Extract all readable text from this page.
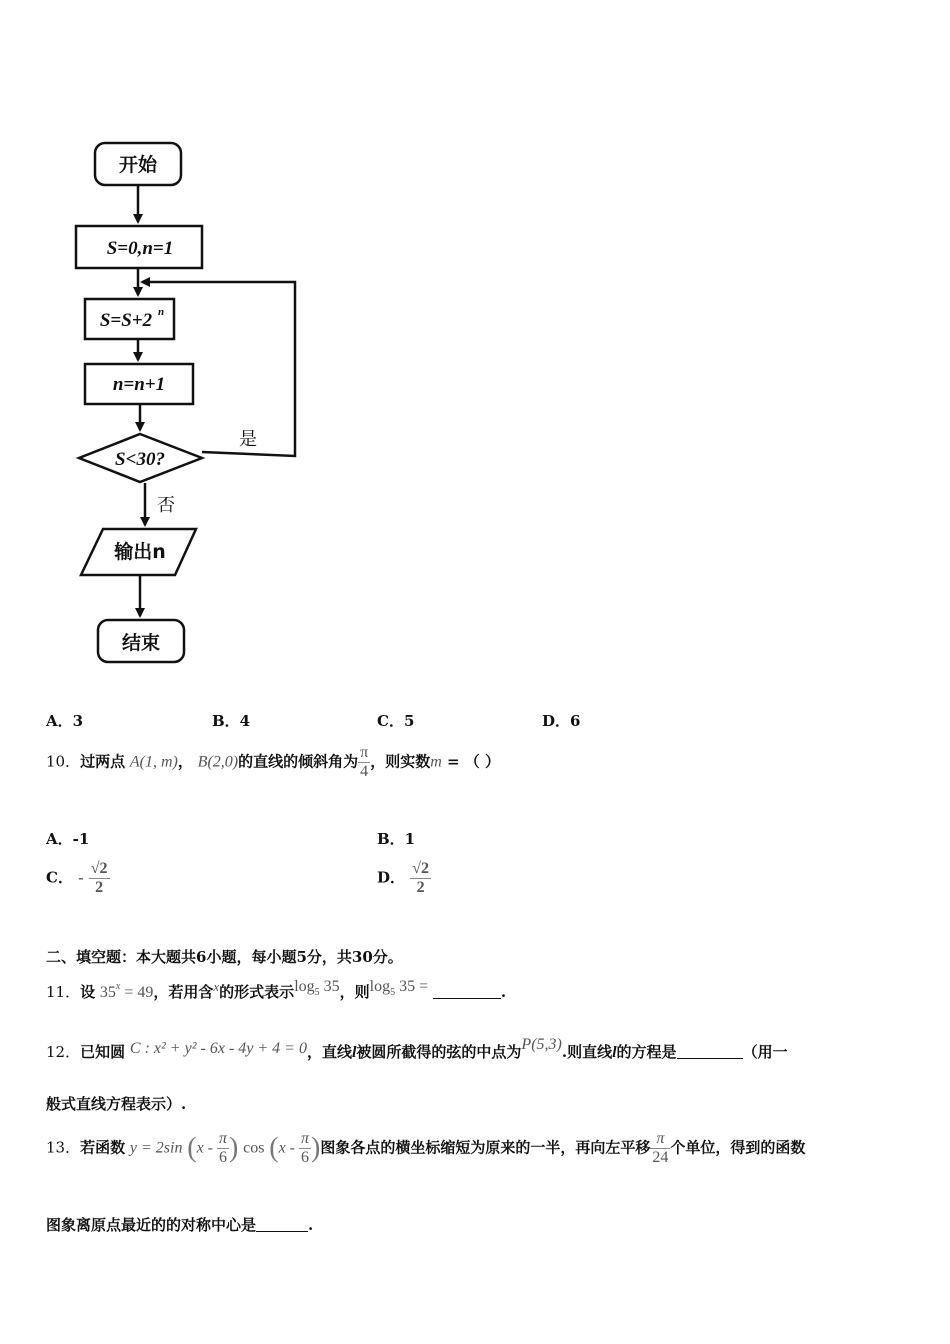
开始
S=0,n=1
S=S+2 n
n=n+1
S<30?
是
否
输出n
结束
A．3	B．4	C．5	D．6
10．过两点 A(1, m)， B(2,0)的直线的倾斜角为 $\frac{\pi}{4}$ ，则实数m = （ ）
A．-1	B．1
C． - $\frac{√2}{2}$	D． $\frac{√2}{2}$
二、填空题：本大题共6小题，每小题5分，共30分。
11．设 $35^x = 49$，若用含x的形式表示$\log_5 35$，则$\log_5 35$ =	.
12．已知圆 C : x² + y² - 6x - 4y + 4 = 0，直线l被圆所截得的弦的中点为P(5,3).则直线l的方程是	（用一
般式直线方程表示）.
13．若函数 y = 2sin ($x - \frac{\pi}{6}$ ) $\cos (x - \frac{\pi}{6}$ )图象各点的横坐标缩短为原来的一半，再向左平移 $\frac{\pi}{24}$ 个单位，得到的函数
图象离原点最近的的对称中心是	.
